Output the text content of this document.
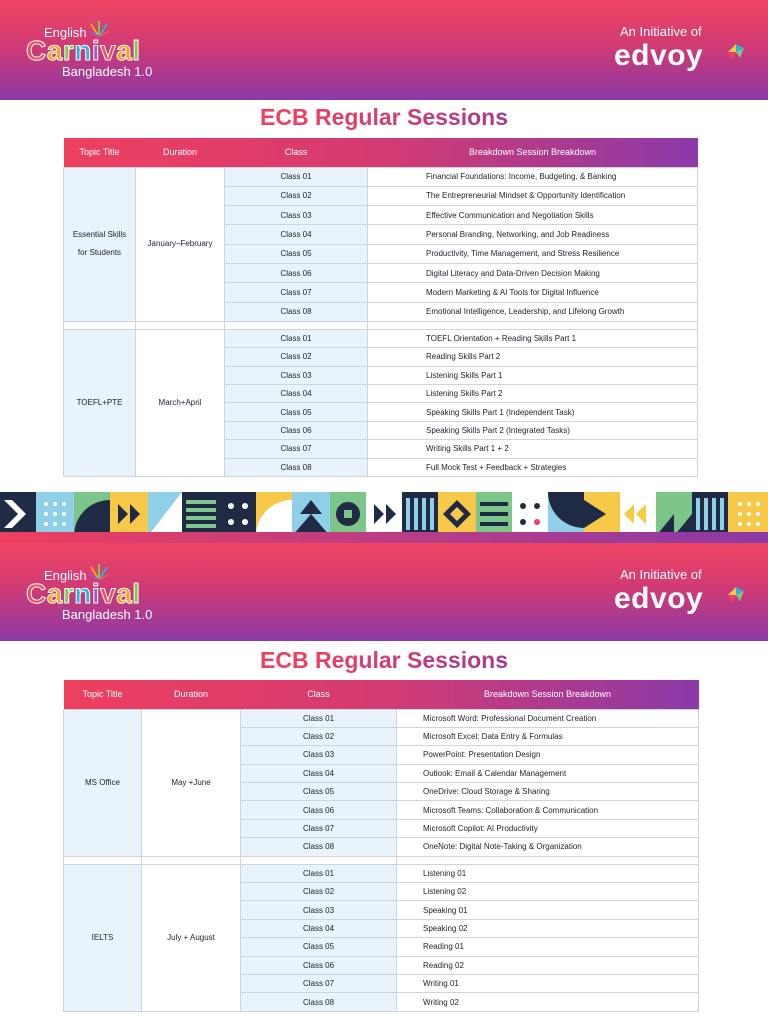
English
Carnival
Bangladesh 1.0
An Initiative of
edvoy
ECB Regular Sessions
Topic Title	Duration	Class	Breakdown Session Breakdown

Essential Skills
for Students	January–February	Class 01	Financial Foundations: Income, Budgeting, & Banking
		Class 02	The Entrepreneurial Mindset & Opportunity Identification
		Class 03	Effective Communication and Negotiation Skills
		Class 04	Personal Branding, Networking, and Job Readiness
		Class 05	Productivity, Time Management, and Stress Resilience
		Class 06	Digital Literacy and Data-Driven Decision Making
		Class 07	Modern Marketing & AI Tools for Digital Influence
		Class 08	Emotional Intelligence, Leadership, and Lifelong Growth

TOEFL+PTE	March+April	Class 01	TOEFL Orientation + Reading Skills Part 1
		Class 02	Reading Skills Part 2
		Class 03	Listening Skills Part 1
		Class 04	Listening Skills Part 2
		Class 05	Speaking Skills Part 1 (Independent Task)
		Class 06	Speaking Skills Part 2 (Integrated Tasks)
		Class 07	Writing Skills Part 1 + 2
		Class 08	Full Mock Test + Feedback + Strategies
English
Carnival
Bangladesh 1.0
An Initiative of
edvoy
ECB Regular Sessions
Topic Title	Duration	Class	Breakdown Session Breakdown
MS Office	May +June	Class 01	Microsoft Word: Professional Document Creation
		Class 02	Microsoft Excel: Data Entry & Formulas
		Class 03	PowerPoint: Presentation Design
		Class 04	Outlook: Email & Calendar Management
		Class 05	OneDrive: Cloud Storage & Sharing
		Class 06	Microsoft Teams: Collaboration & Communication
		Class 07	Microsoft Copilot: AI Productivity
		Class 08	OneNote: Digital Note-Taking & Organization

IELTS	July + August	Class 01	Listening 01
		Class 02	Listening 02
		Class 03	Speaking 01
		Class 04	Speaking 02
		Class 05	Reading 01
		Class 06	Reading 02
		Class 07	Writing 01
		Class 08	Writing 02
